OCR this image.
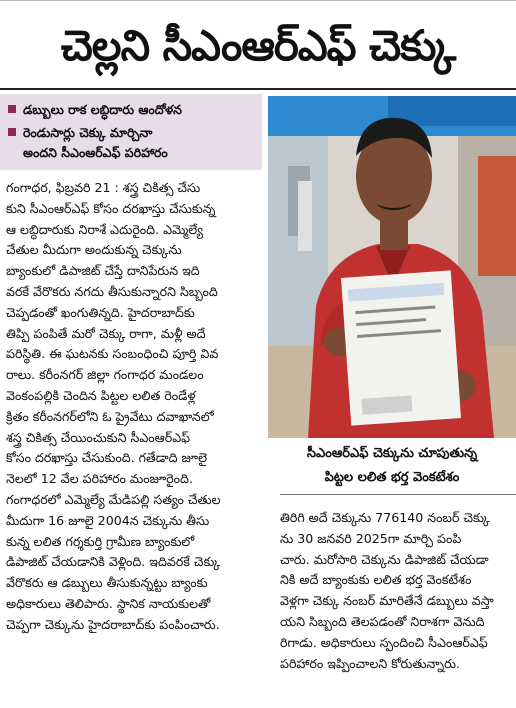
చెల్లని సీఎంఆర్ఎఫ్ చెక్కు
డబ్బులు రాక లబ్ధిదారు ఆందోళన
రెండుసార్లు చెక్కు మార్చినా
అందని సీఎంఆర్ఎఫ్ పరిహారం
గంగాధర, ఫిబ్రవరి 21 : శస్త్ర చికిత్స చేసు
కుని సీఎంఆర్ఎఫ్ కోసం దరఖాస్తు చేసుకున్న
ఆ లబ్ధిదారుకు నిరాశే ఎదురైంది. ఎమ్మెల్యే
చేతుల మీదుగా అందుకున్న చెక్కును
బ్యాంకులో డిపాజిట్ చేస్తే దానిపేరున ఇది
వరకే వేరొకరు నగదు తీసుకున్నారని సిబ్బంది
చెప్పడంతో ఖంగుతిన్నది. హైదరాబాద్‌కు
తిప్పి పంపితే మరో చెక్కు రాగా, మళ్లీ అదే
పరిస్థితి. ఈ ఘటనకు సంబంధించి పూర్తి వివ
రాలు. కరీంనగర్ జిల్లా గంగాధర మండలం
వెంకంపల్లికి చెందిన పిట్టల లలిత రెండేళ్ల
క్రితం కరీంనగర్‌లోని ఓ ప్రైవేటు దవాఖానలో
శస్త్ర చికిత్స చేయించుకుని సీఎంఆర్ఎఫ్
కోసం దరఖాస్తు చేసుకుంది. గతేడాది జూలై
నెలలో 12 వేల పరిహారం మంజూరైంది.
గంగాధరలో ఎమ్మెల్యే మేడిపల్లి సత్యం చేతుల
మీదుగా 16 జూలై 2004న చెక్కును తీసు
కున్న లలిత గర్శకుర్తి గ్రామీణ బ్యాంకులో
డిపాజిట్ చేయడానికి వెళ్లింది. ఇదివరకే చెక్కు
వేరొకరు ఆ డబ్బులు తీసుకున్నట్టు బ్యాంకు
అధికారులు తెలిపారు. స్థానిక నాయకులతో
చెప్పగా చెక్కును హైదరాబాద్‌కు పంపించారు.
సీఎంఆర్ఎఫ్ చెక్కును చూపుతున్న
పిట్టల లలిత భర్త వెంకటేశం
తిరిగి అదే చెక్కును 776140 నంబర్ చెక్కు
ను 30 జనవరి 2025గా మార్చి పంపి
చారు. మరోసారి చెక్కును డిపాజిట్ చేయడా
నికి అదే బ్యాంకుకు లలిత భర్త వెంకటేశం
వెళ్లగా చెక్కు నంబర్ మారితేనే డబ్బులు వస్తా
యని సిబ్బంది తెలపడంతో నిరాశగా వెనుది
రిగాడు. అధికారులు స్పందించి సీఎంఆర్ఎఫ్
పరిహారం ఇప్పించాలని కోరుతున్నారు.
